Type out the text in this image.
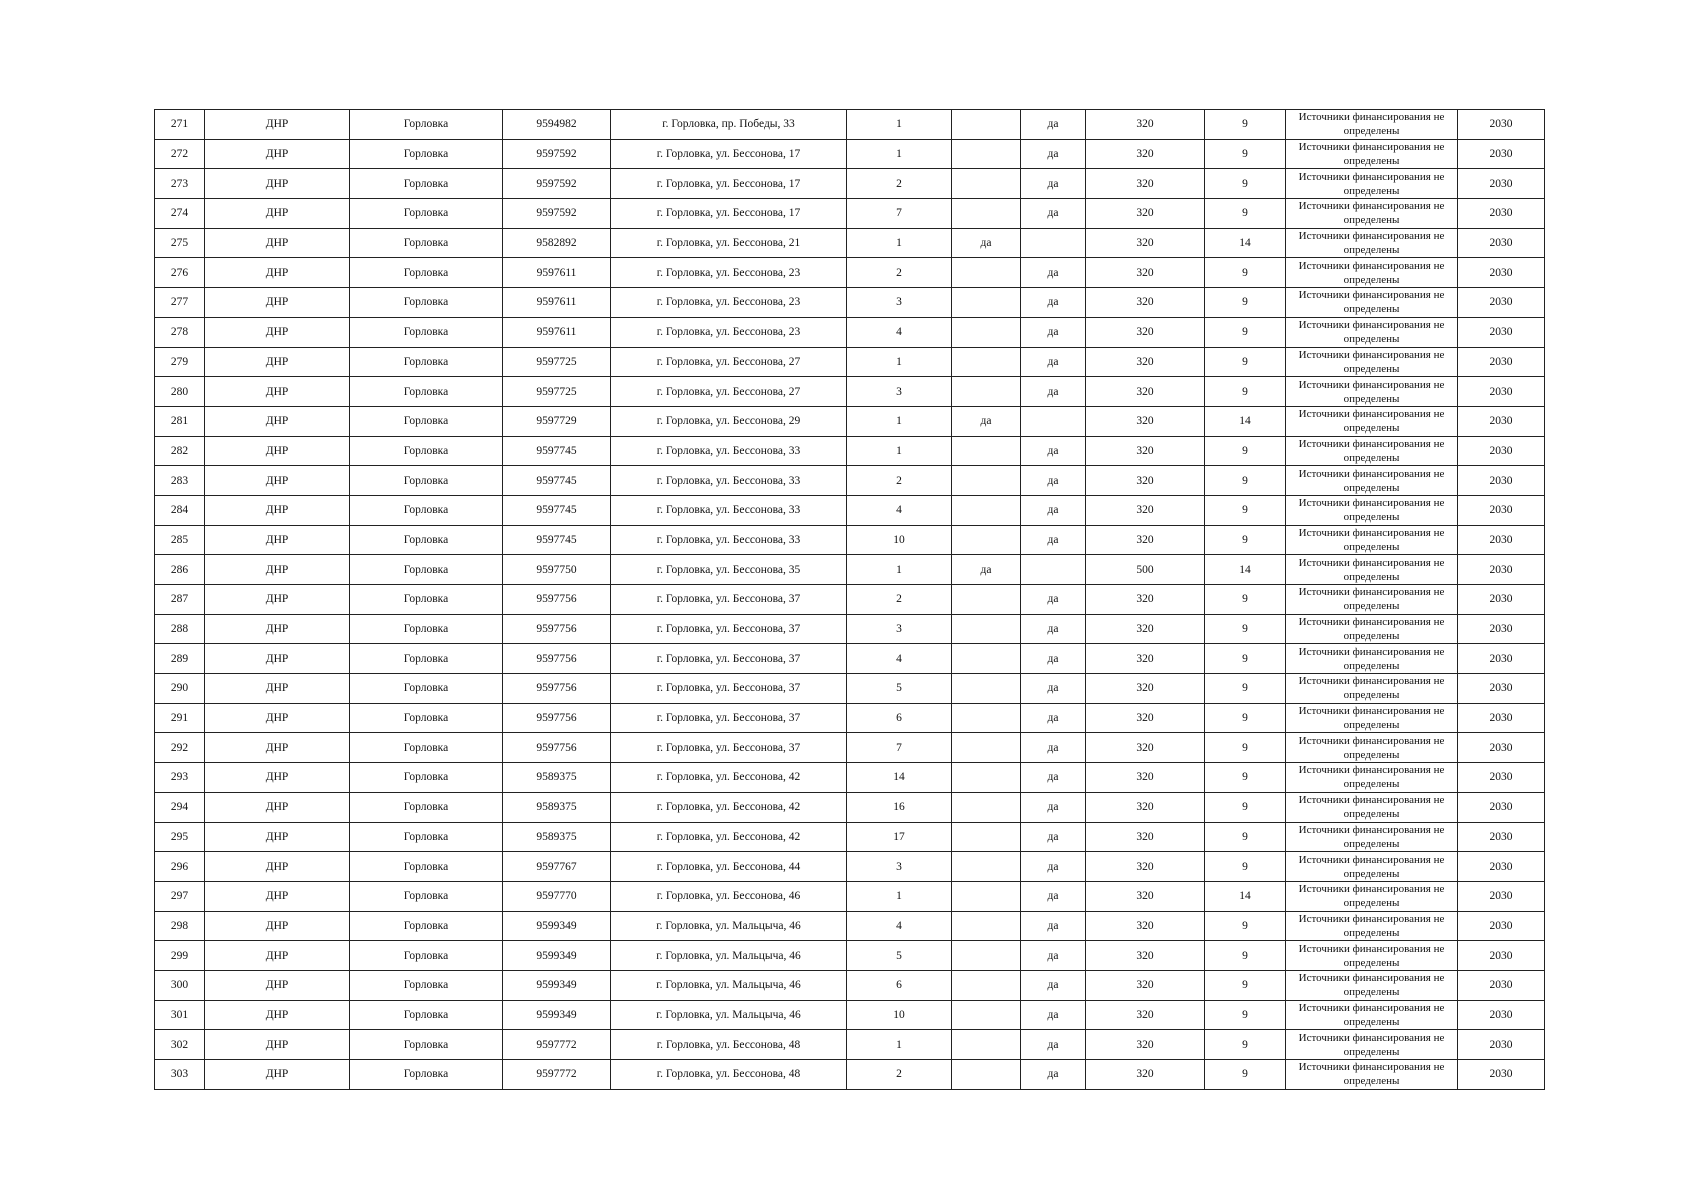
271	ДНР	Горловка	9594982	г. Горловка, пр. Победы, 33	1		да	320	9	Источники финансирования не определены	2030
272	ДНР	Горловка	9597592	г. Горловка, ул. Бессонова, 17	1		да	320	9	Источники финансирования не определены	2030
273	ДНР	Горловка	9597592	г. Горловка, ул. Бессонова, 17	2		да	320	9	Источники финансирования не определены	2030
274	ДНР	Горловка	9597592	г. Горловка, ул. Бессонова, 17	7		да	320	9	Источники финансирования не определены	2030
275	ДНР	Горловка	9582892	г. Горловка, ул. Бессонова, 21	1	да		320	14	Источники финансирования не определены	2030
276	ДНР	Горловка	9597611	г. Горловка, ул. Бессонова, 23	2		да	320	9	Источники финансирования не определены	2030
277	ДНР	Горловка	9597611	г. Горловка, ул. Бессонова, 23	3		да	320	9	Источники финансирования не определены	2030
278	ДНР	Горловка	9597611	г. Горловка, ул. Бессонова, 23	4		да	320	9	Источники финансирования не определены	2030
279	ДНР	Горловка	9597725	г. Горловка, ул. Бессонова, 27	1		да	320	9	Источники финансирования не определены	2030
280	ДНР	Горловка	9597725	г. Горловка, ул. Бессонова, 27	3		да	320	9	Источники финансирования не определены	2030
281	ДНР	Горловка	9597729	г. Горловка, ул. Бессонова, 29	1	да		320	14	Источники финансирования не определены	2030
282	ДНР	Горловка	9597745	г. Горловка, ул. Бессонова, 33	1		да	320	9	Источники финансирования не определены	2030
283	ДНР	Горловка	9597745	г. Горловка, ул. Бессонова, 33	2		да	320	9	Источники финансирования не определены	2030
284	ДНР	Горловка	9597745	г. Горловка, ул. Бессонова, 33	4		да	320	9	Источники финансирования не определены	2030
285	ДНР	Горловка	9597745	г. Горловка, ул. Бессонова, 33	10		да	320	9	Источники финансирования не определены	2030
286	ДНР	Горловка	9597750	г. Горловка, ул. Бессонова, 35	1	да		500	14	Источники финансирования не определены	2030
287	ДНР	Горловка	9597756	г. Горловка, ул. Бессонова, 37	2		да	320	9	Источники финансирования не определены	2030
288	ДНР	Горловка	9597756	г. Горловка, ул. Бессонова, 37	3		да	320	9	Источники финансирования не определены	2030
289	ДНР	Горловка	9597756	г. Горловка, ул. Бессонова, 37	4		да	320	9	Источники финансирования не определены	2030
290	ДНР	Горловка	9597756	г. Горловка, ул. Бессонова, 37	5		да	320	9	Источники финансирования не определены	2030
291	ДНР	Горловка	9597756	г. Горловка, ул. Бессонова, 37	6		да	320	9	Источники финансирования не определены	2030
292	ДНР	Горловка	9597756	г. Горловка, ул. Бессонова, 37	7		да	320	9	Источники финансирования не определены	2030
293	ДНР	Горловка	9589375	г. Горловка, ул. Бессонова, 42	14		да	320	9	Источники финансирования не определены	2030
294	ДНР	Горловка	9589375	г. Горловка, ул. Бессонова, 42	16		да	320	9	Источники финансирования не определены	2030
295	ДНР	Горловка	9589375	г. Горловка, ул. Бессонова, 42	17		да	320	9	Источники финансирования не определены	2030
296	ДНР	Горловка	9597767	г. Горловка, ул. Бессонова, 44	3		да	320	9	Источники финансирования не определены	2030
297	ДНР	Горловка	9597770	г. Горловка, ул. Бессонова, 46	1		да	320	14	Источники финансирования не определены	2030
298	ДНР	Горловка	9599349	г. Горловка, ул. Мальцыча, 46	4		да	320	9	Источники финансирования не определены	2030
299	ДНР	Горловка	9599349	г. Горловка, ул. Мальцыча, 46	5		да	320	9	Источники финансирования не определены	2030
300	ДНР	Горловка	9599349	г. Горловка, ул. Мальцыча, 46	6		да	320	9	Источники финансирования не определены	2030
301	ДНР	Горловка	9599349	г. Горловка, ул. Мальцыча, 46	10		да	320	9	Источники финансирования не определены	2030
302	ДНР	Горловка	9597772	г. Горловка, ул. Бессонова, 48	1		да	320	9	Источники финансирования не определены	2030
303	ДНР	Горловка	9597772	г. Горловка, ул. Бессонова, 48	2		да	320	9	Источники финансирования не определены	2030
